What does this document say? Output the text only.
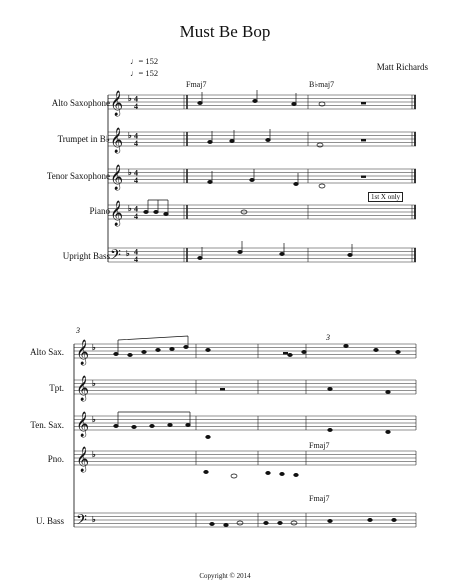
Must Be Bop
Matt Richards
♩= 152
♩= 152
Alto Saxophone
Trumpet in B♭
Tenor Saxophone
Piano
Upright Bass
Fmaj7	B♭maj7
1st X only
3
Alto Sax.
Tpt.
Ten. Sax.
Pno.
U. Bass
Fmaj7
Fmaj7
3
Copyright © 2014
𝄞
𝄞
𝄞
𝄞
𝄢
𝄞
𝄞
𝄞
𝄞
𝄢
♭ 4
4
♭ 4
4
♭ 4
4
♭ 4
4
♭ 4
4
♭
♭
♭
♭
♭
